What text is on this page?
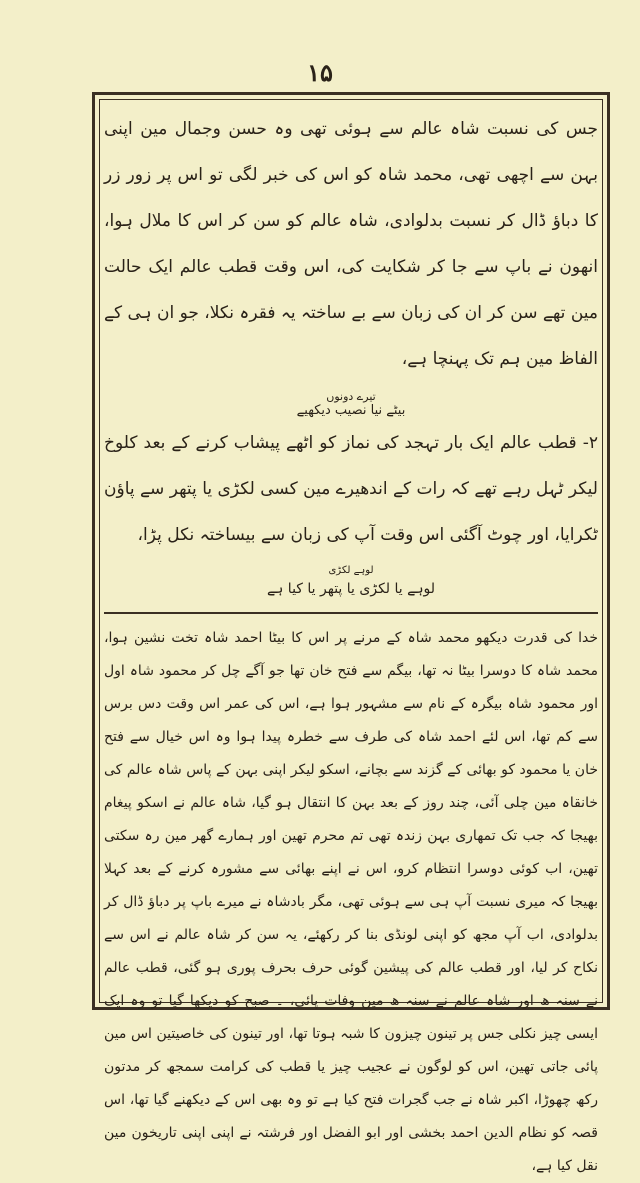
۱۵

جس کی نسبت شاہ عالم سے ہوئی تھی وہ حسن وجمال مین اپنی بہن سے اچھی تھی، محمد شاہ کو اس کی خبر لگی تو اس پر زور زر کا دباؤ ڈال کر نسبت بدلوادی، شاہ عالم کو سن کر اس کا ملال ہوا، انھون نے باپ سے جا کر شکایت کی، اس وقت قطب عالم ایک حالت مین تھے سن کر ان کی زبان سے بے ساختہ یہ فقرہ نکلا، جو ان ہی کے الفاظ مین ہم تک پہنچا ہے،

تیرے دونوں
بیٹے نیا نصیب دیکھیے

۲- قطب عالم ایک بار تہجد کی نماز کو اٹھے پیشاب کرنے کے بعد کلوخ لیکر ٹہل رہے تھے کہ رات کے اندھیرے مین کسی لکڑی یا پتھر سے پاؤن ٹکرایا، اور چوٹ آگئی اس وقت آپ کی زبان سے بیساختہ نکل پڑا،

لوہے لکڑی
لوہے یا لکڑی یا پتھر یا کیا ہے

خدا کی قدرت دیکھو محمد شاہ کے مرنے پر اس کا بیٹا احمد شاہ تخت نشین ہوا، محمد شاہ کا دوسرا بیٹا نہ تھا، بیگم سے فتح خان تھا جو آگے چل کر محمود شاہ اول اور محمود شاہ بیگرہ کے نام سے مشہور ہوا ہے، اس کی عمر اس وقت دس برس سے کم تھا، اس لئے احمد شاہ کی طرف سے خطرہ پیدا ہوا وہ اس خیال سے فتح خان یا محمود کو بھائی کے گزند سے بچانے، اسکو لیکر اپنی بہن کے پاس شاہ عالم کی خانقاہ مین چلی آئی، چند روز کے بعد بہن کا انتقال ہو گیا، شاہ عالم نے اسکو پیغام بھیجا کہ جب تک تمھاری بہن زندہ تھی تم محرم تھین اور ہمارے گھر مین رہ سکتی تھین، اب کوئی دوسرا انتظام کرو، اس نے اپنے بھائی سے مشورہ کرنے کے بعد کہلا بھیجا کہ میری نسبت آپ ہی سے ہوئی تھی، مگر بادشاہ نے میرے باپ پر دباؤ ڈال کر بدلوادی، اب آپ مجھ کو اپنی لونڈی بنا کر رکھئے، یہ سن کر شاہ عالم نے اس سے نکاح کر لیا، اور قطب عالم کی پیشین گوئی حرف بحرف پوری ہو گئی، قطب عالم نے سنہ ھ اور شاہ عالم نے سنہ ھ مین وفات پائی، ۔ صبح کو دیکھا گیا تو وہ ایک ایسی چیز نکلی جس پر تینون چیزون کا شبہ ہوتا تھا، اور تینون کی خاصیتین اس مین پائی جاتی تھین، اس کو لوگون نے عجیب چیز یا قطب کی کرامت سمجھ کر مدتون رکھ چھوڑا، اکبر شاہ نے جب گجرات فتح کیا ہے تو وہ بھی اس کے دیکھنے گیا تھا، اس قصہ کو نظام الدین احمد بخشی اور ابو الفضل اور فرشتہ نے اپنی اپنی تاریخون مین نقل کیا ہے،
